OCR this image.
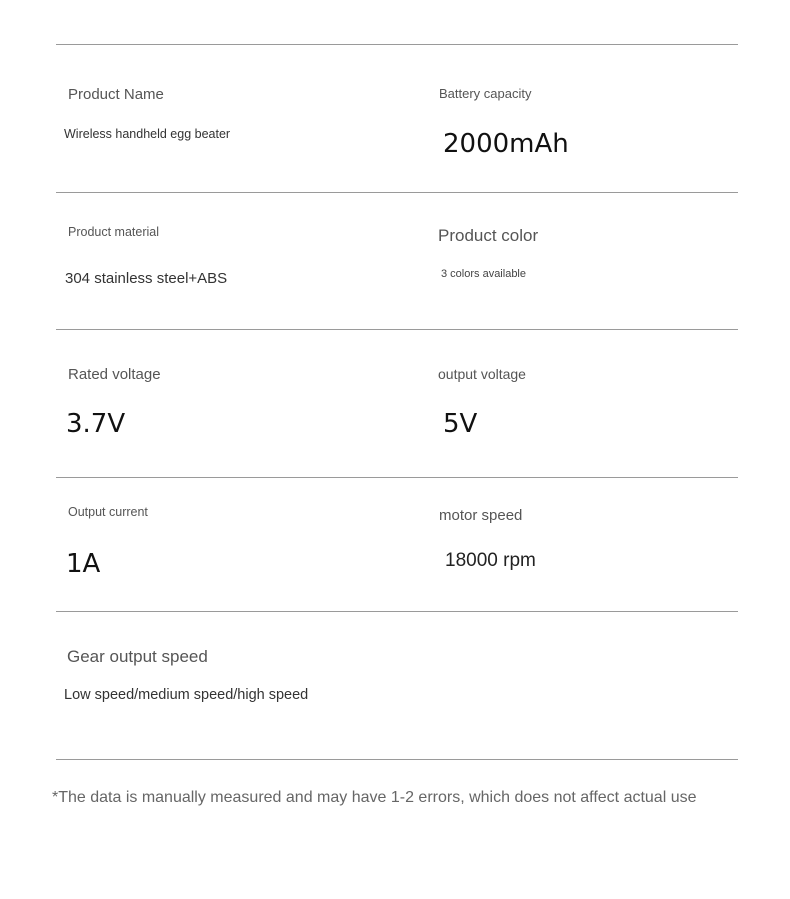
Product Name
Wireless handheld egg beater
Battery capacity
2000mAh
Product material
304 stainless steel+ABS
Product color
3 colors available
Rated voltage
3.7V
output voltage
5V
Output current
1A
motor speed
18000 rpm
Gear output speed
Low speed/medium speed/high speed
*The data is manually measured and may have 1-2 errors, which does not affect actual use
